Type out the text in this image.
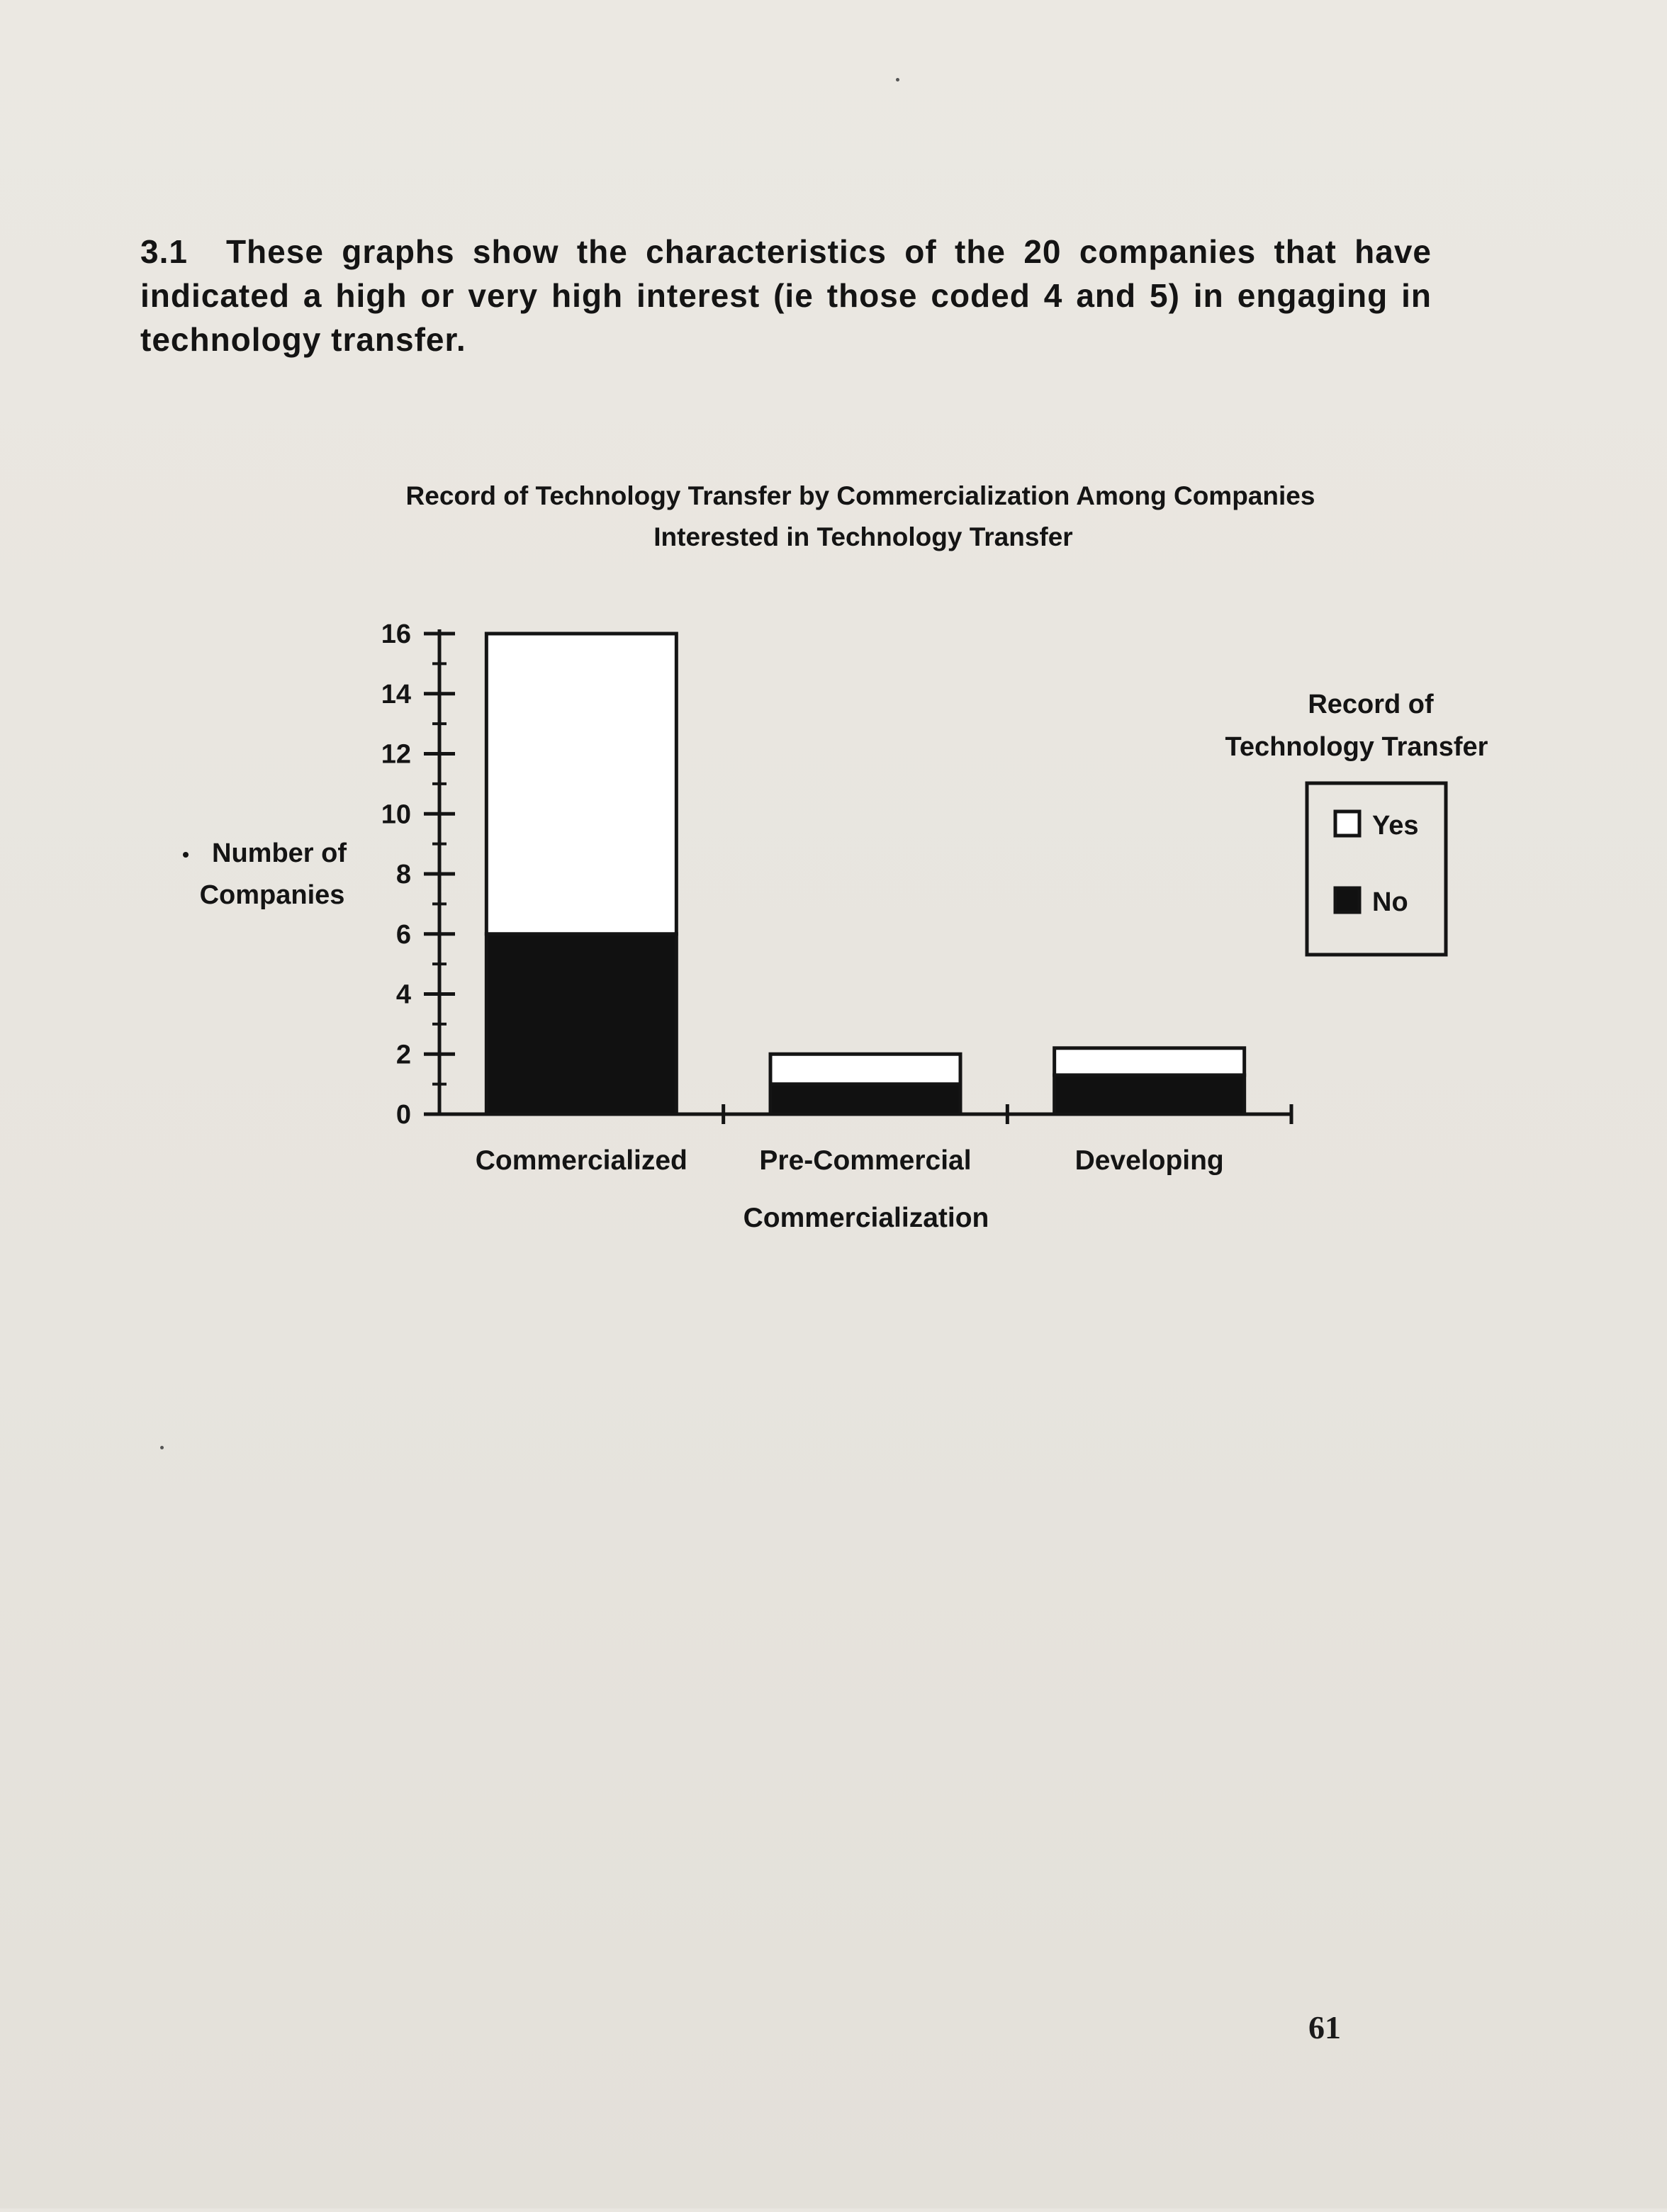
3.1 These graphs show the characteristics of the 20 companies that have indicated a high or very high interest (ie those coded 4 and 5) in engaging in technology transfer.
Record of Technology Transfer by Commercialization Among Companies
Interested in Technology Transfer
Number of
Companies
0
2
4
6
8
10
12
14
16
Commercialized	Pre-Commercial	Developing
Commercialization
Record of
Technology Transfer
Yes
No
61
